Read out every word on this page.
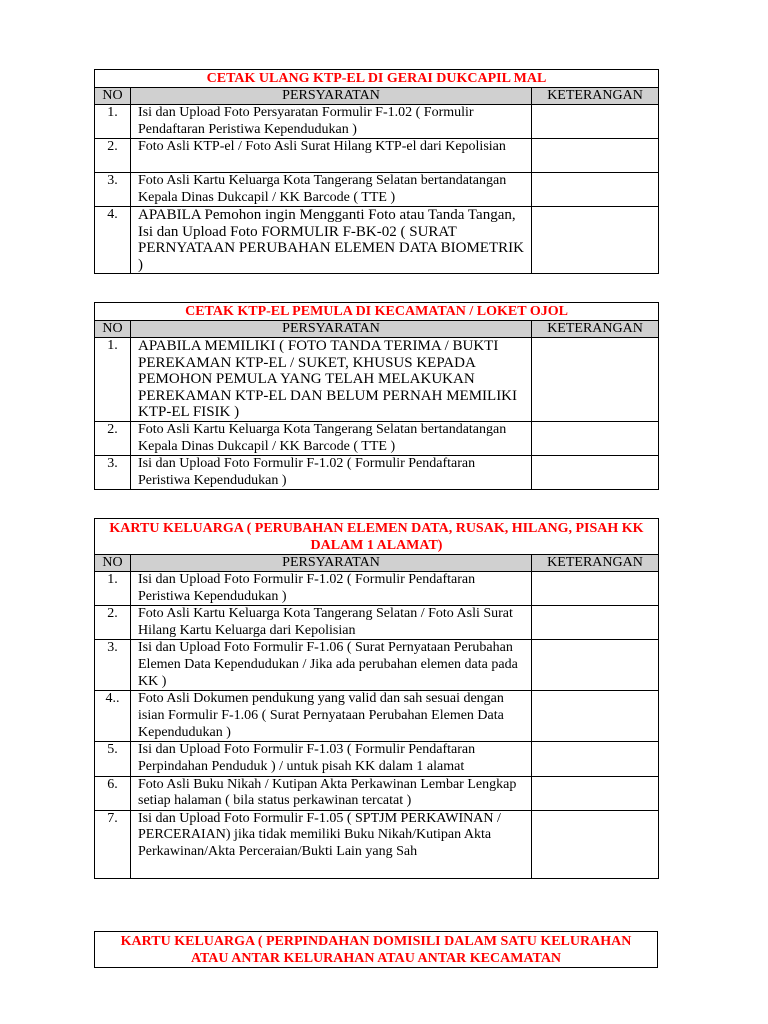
CETAK ULANG KTP-EL DI GERAI DUKCAPIL MAL		
NO	PERSYARATAN	KETERANGAN
1.	Isi dan Upload Foto Persyaratan Formulir F-1.02 ( Formulir Pendaftaran Peristiwa Kependudukan )	
2.	Foto Asli KTP-el / Foto Asli Surat Hilang KTP-el dari Kepolisian	
3.	Foto Asli Kartu Keluarga Kota Tangerang Selatan bertandatangan Kepala Dinas Dukcapil / KK Barcode ( TTE )	
4.	APABILA Pemohon ingin Mengganti Foto atau Tanda Tangan, Isi dan Upload Foto FORMULIR F-BK-02 ( SURAT PERNYATAAN PERUBAHAN ELEMEN DATA BIOMETRIK )	
CETAK KTP-EL PEMULA DI KECAMATAN / LOKET OJOL		
NO	PERSYARATAN	KETERANGAN
1.	APABILA MEMILIKI ( FOTO TANDA TERIMA / BUKTI PEREKAMAN KTP-EL / SUKET, KHUSUS KEPADA PEMOHON PEMULA YANG TELAH MELAKUKAN PEREKAMAN KTP-EL DAN BELUM PERNAH MEMILIKI KTP-EL FISIK )	
2.	Foto Asli Kartu Keluarga Kota Tangerang Selatan bertandatangan Kepala Dinas Dukcapil / KK Barcode ( TTE )	
3.	Isi dan Upload Foto Formulir F-1.02 ( Formulir Pendaftaran Peristiwa Kependudukan )	
KARTU KELUARGA ( PERUBAHAN ELEMEN DATA, RUSAK, HILANG, PISAH KK DALAM 1 ALAMAT)		
NO	PERSYARATAN	KETERANGAN
1.	Isi dan Upload Foto Formulir F-1.02 ( Formulir Pendaftaran Peristiwa Kependudukan )	
2.	Foto Asli Kartu Keluarga Kota Tangerang Selatan / Foto Asli Surat Hilang Kartu Keluarga dari Kepolisian	
3.	Isi dan Upload Foto Formulir F-1.06 ( Surat Pernyataan Perubahan Elemen Data Kependudukan / Jika ada perubahan elemen data pada KK )	
4..	Foto Asli Dokumen pendukung yang valid dan sah sesuai dengan isian Formulir F-1.06 ( Surat Pernyataan Perubahan Elemen Data Kependudukan )	
5.	Isi dan Upload Foto Formulir F-1.03 ( Formulir Pendaftaran Perpindahan Penduduk ) / untuk pisah KK dalam 1 alamat	
6.	Foto Asli Buku Nikah / Kutipan Akta Perkawinan Lembar Lengkap setiap halaman ( bila status perkawinan tercatat )	
7.	Isi dan Upload Foto Formulir F-1.05 ( SPTJM PERKAWINAN / PERCERAIAN) jika tidak memiliki Buku Nikah/Kutipan Akta Perkawinan/Akta Perceraian/Bukti Lain yang Sah	
KARTU KELUARGA ( PERPINDAHAN DOMISILI DALAM SATU KELURAHAN ATAU ANTAR KELURAHAN ATAU ANTAR KECAMATAN
